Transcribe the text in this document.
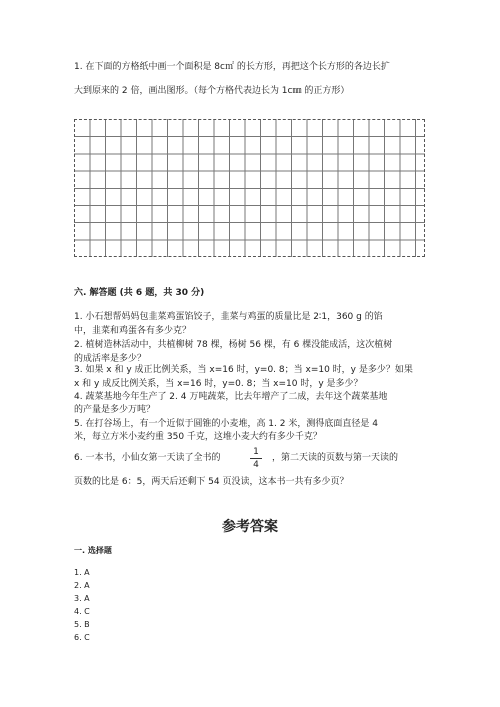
1. 在下面的方格纸中画一个面积是 8c㎡ 的长方形，再把这个长方形的各边长扩
大到原来的 2 倍，画出图形。（每个方格代表边长为 1c㎜ 的正方形）
六. 解答题 (共 6 题，共 30 分)
1. 小石想帮妈妈包韭菜鸡蛋馅饺子，韭菜与鸡蛋的质量比是 2∶1，360 g 的馅
中，韭菜和鸡蛋各有多少克？
2. 植树造林活动中，共植柳树 78 棵，杨树 56 棵，有 6 棵没能成活，这次植树
的成活率是多少？
3. 如果 x 和 y 成正比例关系，当 x=16 时，y=0. 8；当 x=10 时，y 是多少？如果
x 和 y 成反比例关系，当 x=16 时，y=0. 8；当 x=10 时，y 是多少？
4. 蔬菜基地今年生产了 2. 4 万吨蔬菜，比去年增产了二成，去年这个蔬菜基地
的产量是多少万吨？
5. 在打谷场上，有一个近似于圆锥的小麦堆，高 1. 2 米，测得底面直径是 4
米，每立方米小麦约重 350 千克，这堆小麦大约有多少千克？
6. 一本书，小仙女第一天读了全书的
1
4
，第二天读的页数与第一天读的
页数的比是 6：5，两天后还剩下 54 页没读，这本书一共有多少页？
参考答案
一. 选择题
1. A
2. A
3. A
4. C
5. B
6. C
